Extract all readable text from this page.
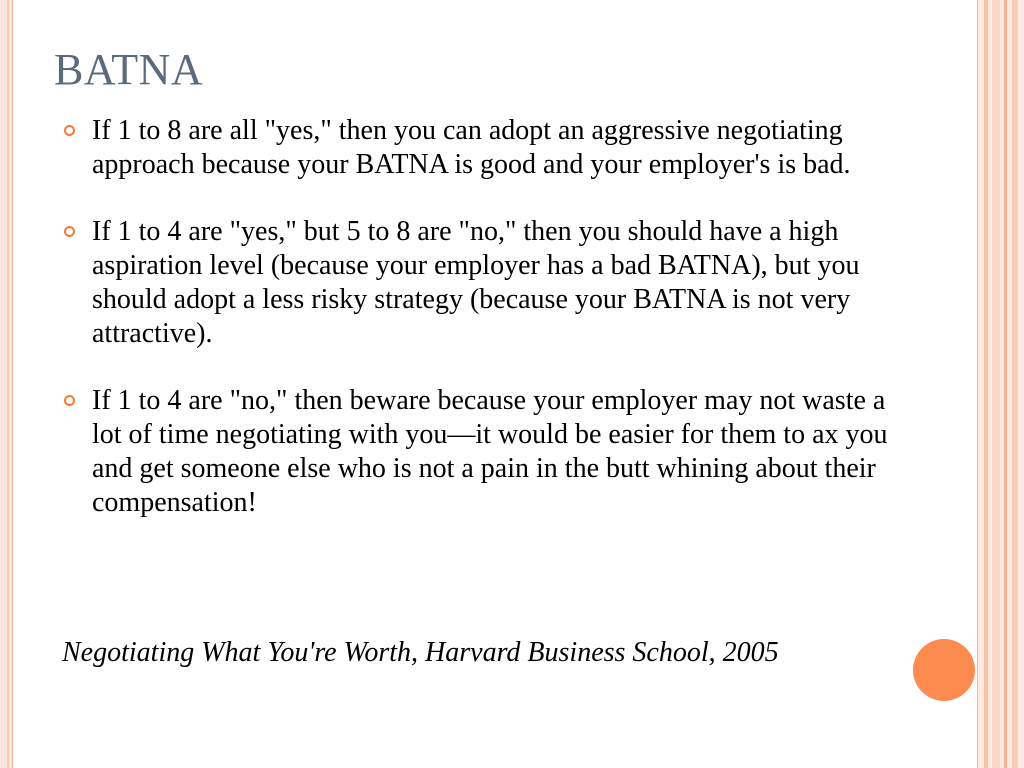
BATNA
If 1 to 8 are all "yes," then you can adopt an aggressive negotiating approach because your BATNA is good and your employer's is bad.
If 1 to 4 are "yes," but 5 to 8 are "no," then you should have a high aspiration level (because your employer has a bad BATNA), but you should adopt a less risky strategy (because your BATNA is not very attractive).
If 1 to 4 are "no," then beware because your employer may not waste a lot of time negotiating with you—it would be easier for them to ax you and get someone else who is not a pain in the butt whining about their compensation!

Negotiating What You're Worth, Harvard Business School, 2005
